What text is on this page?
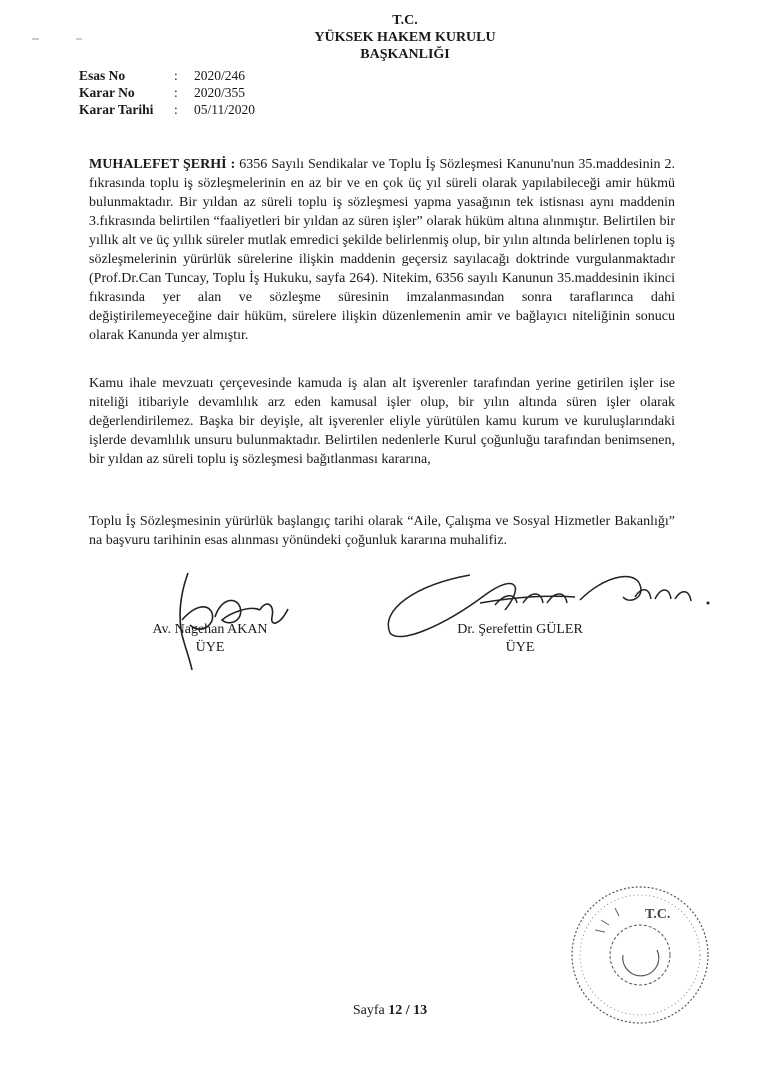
T.C.
YÜKSEK HAKEM KURULU
BAŞKANLIĞI
Esas No	:	2020/246
Karar No	:	2020/355
Karar Tarihi	:	05/11/2020
MUHALEFET ŞERHİ : 6356 Sayılı Sendikalar ve Toplu İş Sözleşmesi Kanunu'nun 35.maddesinin 2. fıkrasında toplu iş sözleşmelerinin en az bir ve en çok üç yıl süreli olarak yapılabileceği amir hükmü bulunmaktadır. Bir yıldan az süreli toplu iş sözleşmesi yapma yasağının tek istisnası aynı maddenin 3.fıkrasında belirtilen “faaliyetleri bir yıldan az süren işler” olarak hüküm altına alınmıştır. Belirtilen bir yıllık alt ve üç yıllık süreler mutlak emredici şekilde belirlenmiş olup, bir yılın altında belirlenen toplu iş sözleşmelerinin yürürlük sürelerine ilişkin maddenin geçersiz sayılacağı doktrinde vurgulanmaktadır (Prof.Dr.Can Tuncay, Toplu İş Hukuku, sayfa 264). Nitekim, 6356 sayılı Kanunun 35.maddesinin ikinci fıkrasında yer alan ve sözleşme süresinin imzalanmasından sonra taraflarınca dahi değiştirilemeyeceğine dair hüküm, sürelere ilişkin düzenlemenin amir ve bağlayıcı niteliğinin sonucu olarak Kanunda yer almıştır.
Kamu ihale mevzuatı çerçevesinde kamuda iş alan alt işverenler tarafından yerine getirilen işler ise niteliği itibariyle devamlılık arz eden kamusal işler olup, bir yılın altında süren işler olarak değerlendirilemez. Başka bir deyişle, alt işverenler eliyle yürütülen kamu kurum ve kuruluşlarındaki işlerde devamlılık unsuru bulunmaktadır. Belirtilen nedenlerle Kurul çoğunluğu tarafından benimsenen, bir yıldan az süreli toplu iş sözleşmesi bağıtlanması kararına,
Toplu İş Sözleşmesinin yürürlük başlangıç tarihi olarak “Aile, Çalışma ve Sosyal Hizmetler Bakanlığı” na başvuru tarihinin esas alınması yönündeki çoğunluk kararına muhalifiz.
Av. Nagehan AKAN
ÜYE
Dr. Şerefettin GÜLER
ÜYE
T.C.
Sayfa 12 / 13
